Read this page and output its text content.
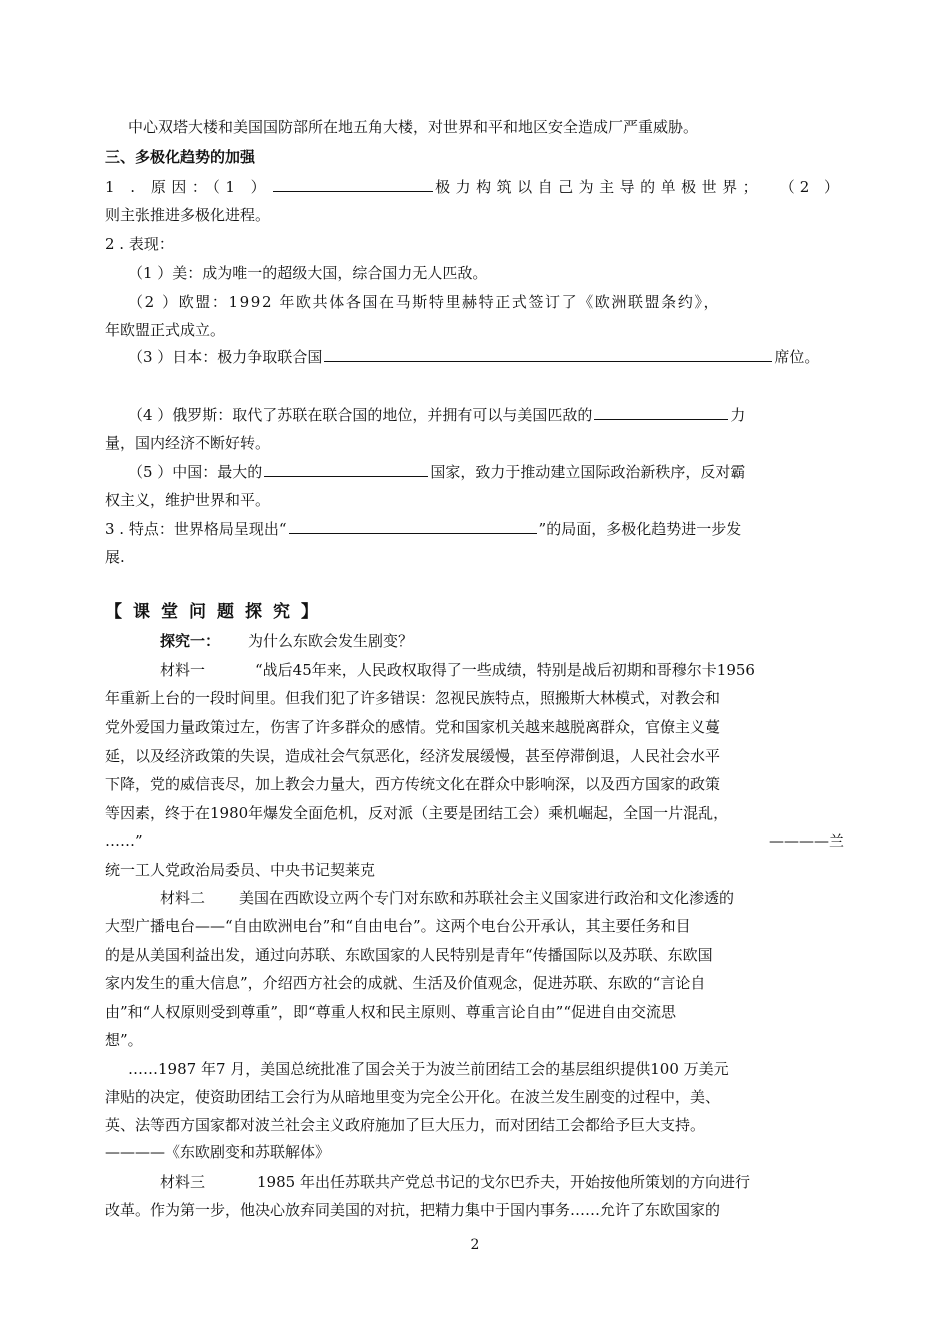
中心双塔大楼和美国国防部所在地五角大楼，对世界和平和地区安全造成厂严重威胁。
三、多极化趋势的加强
1 . 原因：（1 ）	极力构筑以自己为主导的单极世界； （2 ）
则主张推进多极化进程。
2 . 表现：
（1 ）美：成为唯一的超级大国，综合国力无人匹敌。
（2 ）欧盟：1992 年欧共体各国在马斯特里赫特正式签订了《欧洲联盟条约》，
年欧盟正式成立。
（3 ）日本：极力争取联合国	席位。
（4 ）俄罗斯：取代了苏联在联合国的地位，并拥有可以与美国匹敌的	力
量，国内经济不断好转。
（5 ）中国：最大的	国家，致力于推动建立国际政治新秩序，反对霸
权主义，维护世界和平。
3 . 特点：世界格局呈现出“	”的局面，多极化趋势进一步发
展.
【课堂问题探究】
探究一： 为什么东欧会发生剧变？
材料一	“战后45年来，人民政权取得了一些成绩，特别是战后初期和哥穆尔卡1956
年重新上台的一段时间里。但我们犯了许多错误：忽视民族特点，照搬斯大林模式，对教会和
党外爱国力量政策过左，伤害了许多群众的感情。党和国家机关越来越脱离群众，官僚主义蔓
延，以及经济政策的失误，造成社会气氛恶化，经济发展缓慢，甚至停滞倒退，人民社会水平
下降，党的威信丧尽，加上教会力量大，西方传统文化在群众中影响深，以及西方国家的政策
等因素，终于在1980年爆发全面危机，反对派（主要是团结工会）乘机崛起，全国一片混乱，
……”	————兰
统一工人党政治局委员、中央书记契莱克
材料二 美国在西欧设立两个专门对东欧和苏联社会主义国家进行政治和文化渗透的
大型广播电台——“自由欧洲电台”和“自由电台”。这两个电台公开承认，其主要任务和目
的是从美国利益出发，通过向苏联、东欧国家的人民特别是青年“传播国际以及苏联、东欧国
家内发生的重大信息”，介绍西方社会的成就、生活及价值观念，促进苏联、东欧的“言论自
由”和“人权原则受到尊重”，即“尊重人权和民主原则、尊重言论自由”“促进自由交流思
想”。
……1987 年7 月，美国总统批准了国会关于为波兰前团结工会的基层组织提供100 万美元
津贴的决定，使资助团结工会行为从暗地里变为完全公开化。在波兰发生剧变的过程中，美、
英、法等西方国家都对波兰社会主义政府施加了巨大压力，而对团结工会都给予巨大支持。
————《东欧剧变和苏联解体》
材料三	1985 年出任苏联共产党总书记的戈尔巴乔夫，开始按他所策划的方向进行
改革。作为第一步，他决心放弃同美国的对抗，把精力集中于国内事务……允许了东欧国家的
2
